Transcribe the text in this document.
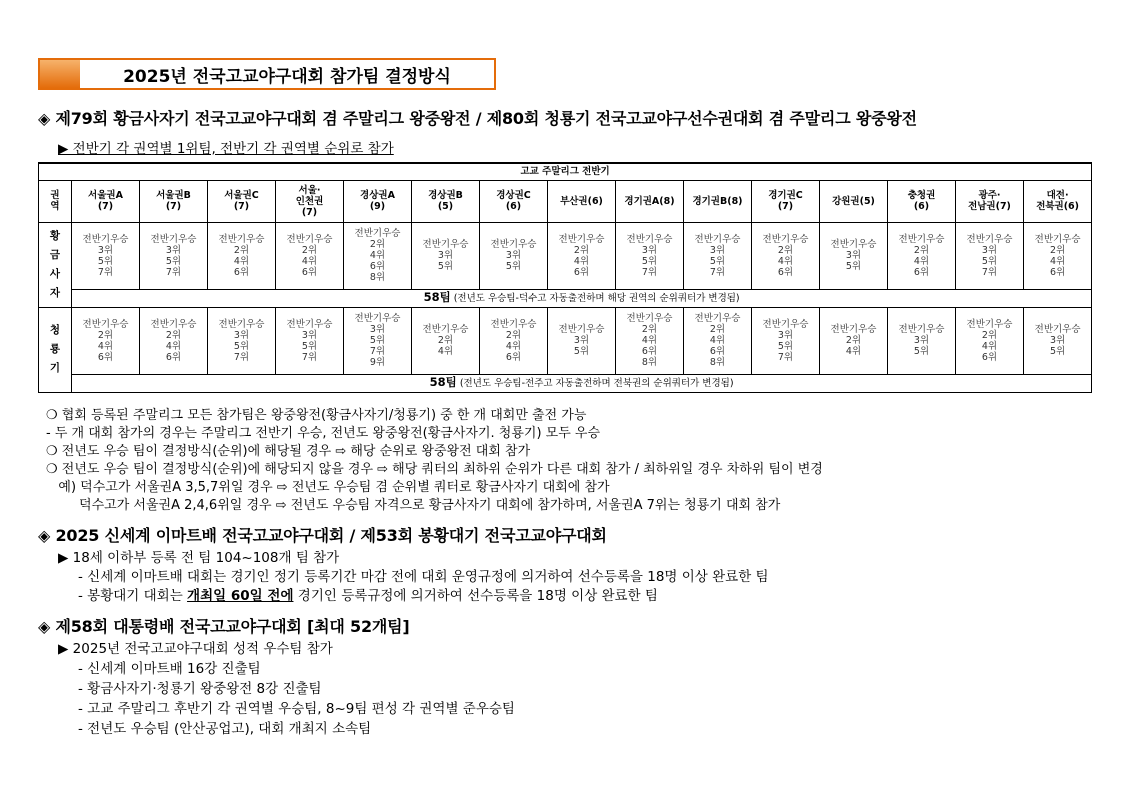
2025년 전국고교야구대회 참가팀 결정방식
◈ 제79회 황금사자기 전국고교야구대회 겸 주말리그 왕중왕전 / 제80회 청룡기 전국고교야구선수권대회 겸 주말리그 왕중왕전
▶ 전반기 각 권역별 1위팀, 전반기 각 권역별 순위로 참가
고교 주말리그 전반기															

권
역	서울권A
(7)	서울권B
(7)	서울권C
(7)	서울·
인천권
(7)	경상권A
(9)	경상권B
(5)	경상권C
(6)	부산권(6)	경기권A(8)	경기권B(8)	경기권C
(7)	강원권(5)	충청권
(6)	광주·
전남권(7)	대전·
전북권(6)

황
금
사
자	전반기우승
3위
5위
7위	전반기우승
3위
5위
7위	전반기우승
2위
4위
6위	전반기우승
2위
4위
6위	전반기우승
2위
4위
6위
8위	전반기우승
3위
5위	전반기우승
3위
5위	전반기우승
2위
4위
6위	전반기우승
3위
5위
7위	전반기우승
3위
5위
7위	전반기우승
2위
4위
6위	전반기우승
3위
5위	전반기우승
2위
4위
6위	전반기우승
3위
5위
7위	전반기우승
2위
4위
6위

	58팀 (전년도 우승팀-덕수고 자동출전하며 해당 권역의 순위쿼터가 변경됨)														

청
룡
기	전반기우승
2위
4위
6위	전반기우승
2위
4위
6위	전반기우승
3위
5위
7위	전반기우승
3위
5위
7위	전반기우승
3위
5위
7위
9위	전반기우승
2위
4위	전반기우승
2위
4위
6위	전반기우승
3위
5위	전반기우승
2위
4위
6위
8위	전반기우승
2위
4위
6위
8위	전반기우승
3위
5위
7위	전반기우승
2위
4위	전반기우승
3위
5위	전반기우승
2위
4위
6위	전반기우승
3위
5위

	58팀 (전년도 우승팀-전주고 자동출전하며 전북권의 순위쿼터가 변경됨)														
❍ 협회 등록된 주말리그 모든 참가팀은 왕중왕전(황금사자기/청룡기) 중 한 개 대회만 출전 가능
- 두 개 대회 참가의 경우는 주말리그 전반기 우승, 전년도 왕중왕전(황금사자기. 청룡기) 모두 우승
❍ 전년도 우승 팀이 결정방식(순위)에 해당될 경우 ⇨ 해당 순위로 왕중왕전 대회 참가
❍ 전년도 우승 팀이 결정방식(순위)에 해당되지 않을 경우 ⇨ 해당 쿼터의 최하위 순위가 다른 대회 참가 / 최하위일 경우 차하위 팀이 변경
예) 덕수고가 서울권A 3,5,7위일 경우 ⇨ 전년도 우승팀 겸 순위별 쿼터로 황금사자기 대회에 참가
덕수고가 서울권A 2,4,6위일 경우 ⇨ 전년도 우승팀 자격으로 황금사자기 대회에 참가하며, 서울권A 7위는 청룡기 대회 참가
◈ 2025 신세계 이마트배 전국고교야구대회 / 제53회 봉황대기 전국고교야구대회
▶ 18세 이하부 등록 전 팀 104~108개 팀 참가
- 신세계 이마트배 대회는 경기인 정기 등록기간 마감 전에 대회 운영규정에 의거하여 선수등록을 18명 이상 완료한 팀
- 봉황대기 대회는 개최일 60일 전에 경기인 등록규정에 의거하여 선수등록을 18명 이상 완료한 팀
◈ 제58회 대통령배 전국고교야구대회 [최대 52개팀]
▶ 2025년 전국고교야구대회 성적 우수팀 참가
- 신세계 이마트배 16강 진출팀
- 황금사자기·청룡기 왕중왕전 8강 진출팀
- 고교 주말리그 후반기 각 권역별 우승팀, 8~9팀 편성 각 권역별 준우승팀
- 전년도 우승팀 (안산공업고), 대회 개최지 소속팀
